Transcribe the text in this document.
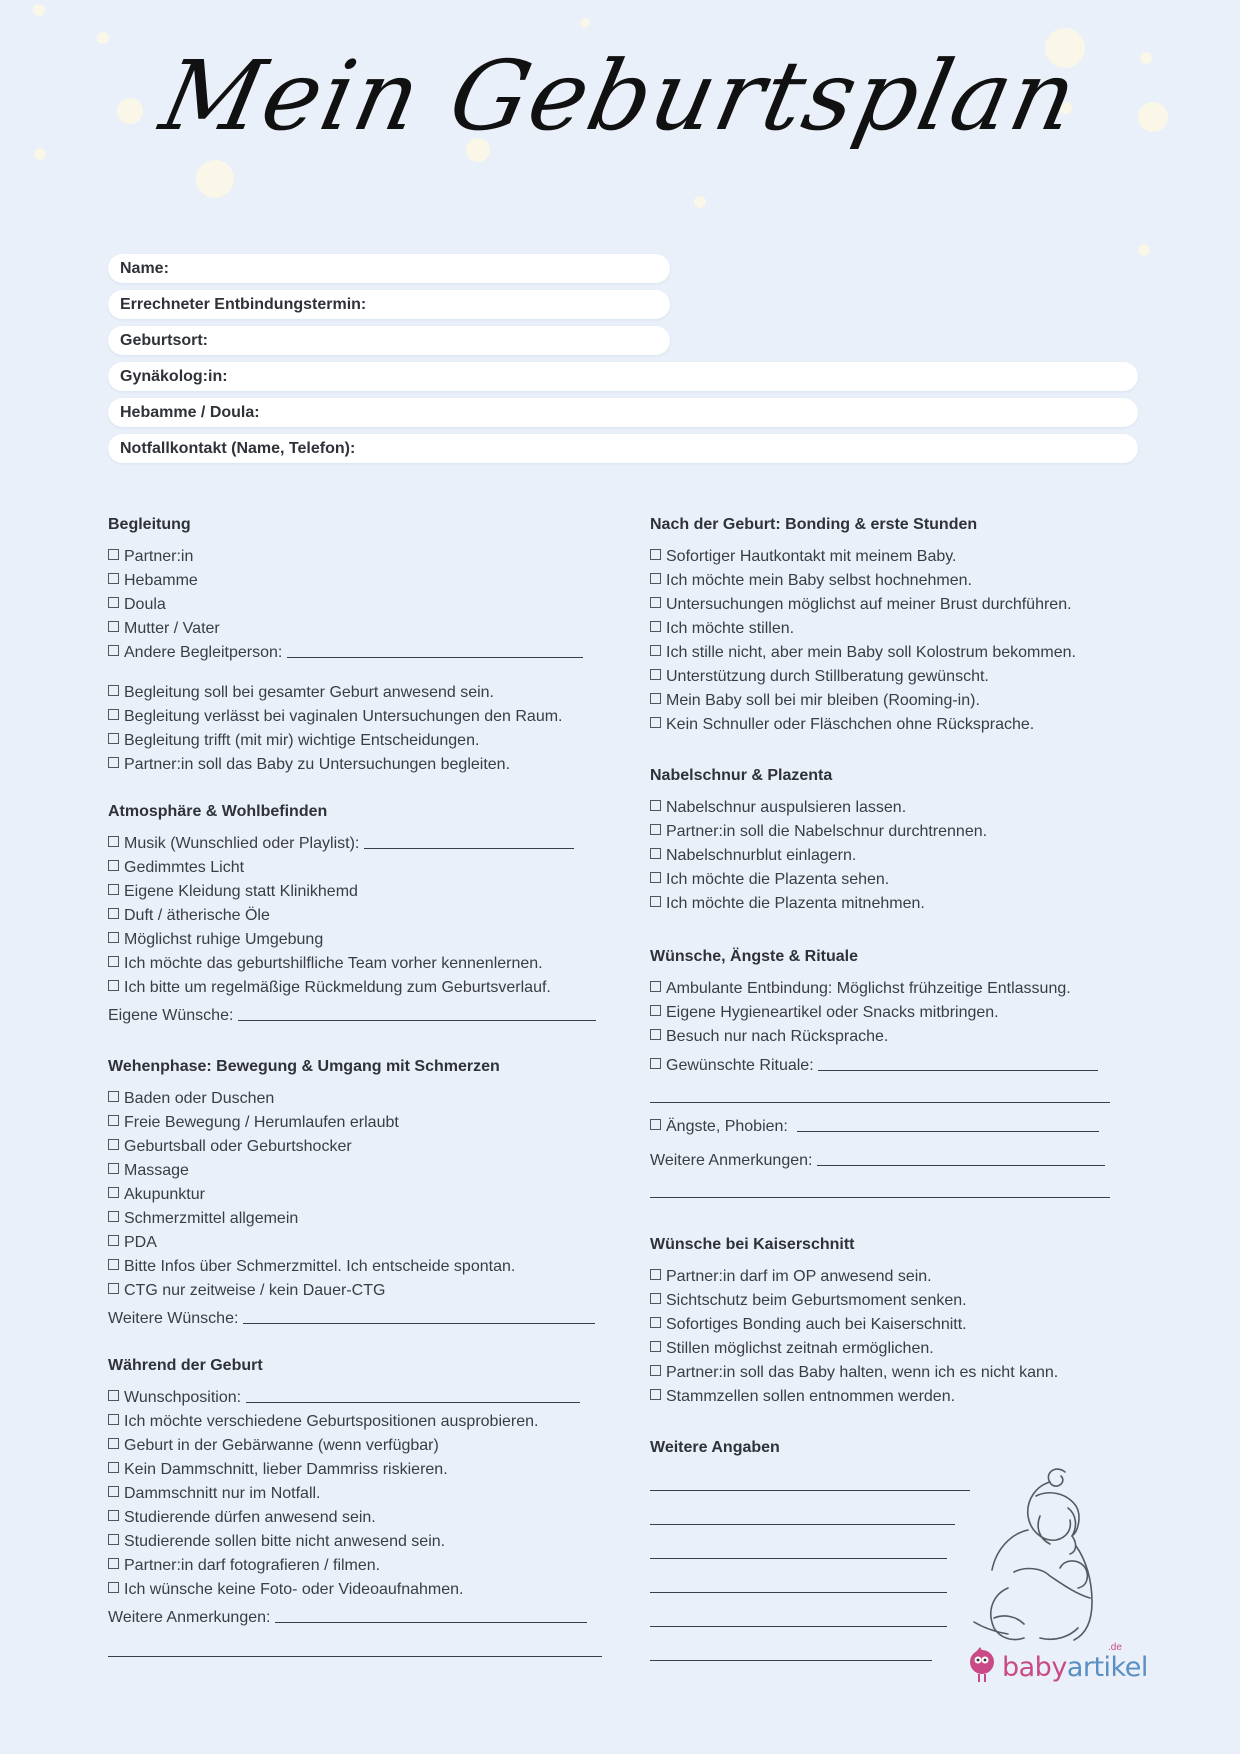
Mein Geburtsplan
Name:
Errechneter Entbindungstermin:
Geburtsort:
Gynäkolog:in:
Hebamme / Doula:
Notfallkontakt (Name, Telefon):
Begleitung
Partner:in
Hebamme
Doula
Mutter / Vater
Andere Begleitperson:
Begleitung soll bei gesamter Geburt anwesend sein.
Begleitung verlässt bei vaginalen Untersuchungen den Raum.
Begleitung trifft (mit mir) wichtige Entscheidungen.
Partner:in soll das Baby zu Untersuchungen begleiten.
Atmosphäre & Wohlbefinden
Musik (Wunschlied oder Playlist):
Gedimmtes Licht
Eigene Kleidung statt Klinikhemd
Duft / ätherische Öle
Möglichst ruhige Umgebung
Ich möchte das geburtshilfliche Team vorher kennenlernen.
Ich bitte um regelmäßige Rückmeldung zum Geburtsverlauf.
Eigene Wünsche:
Wehenphase: Bewegung & Umgang mit Schmerzen
Baden oder Duschen
Freie Bewegung / Herumlaufen erlaubt
Geburtsball oder Geburtshocker
Massage
Akupunktur
Schmerzmittel allgemein
PDA
Bitte Infos über Schmerzmittel. Ich entscheide spontan.
CTG nur zeitweise / kein Dauer-CTG
Weitere Wünsche:
Während der Geburt
Wunschposition:
Ich möchte verschiedene Geburtspositionen ausprobieren.
Geburt in der Gebärwanne (wenn verfügbar)
Kein Dammschnitt, lieber Dammriss riskieren.
Dammschnitt nur im Notfall.
Studierende dürfen anwesend sein.
Studierende sollen bitte nicht anwesend sein.
Partner:in darf fotografieren / filmen.
Ich wünsche keine Foto- oder Videoaufnahmen.
Weitere Anmerkungen:
Nach der Geburt: Bonding & erste Stunden
Sofortiger Hautkontakt mit meinem Baby.
Ich möchte mein Baby selbst hochnehmen.
Untersuchungen möglichst auf meiner Brust durchführen.
Ich möchte stillen.
Ich stille nicht, aber mein Baby soll Kolostrum bekommen.
Unterstützung durch Stillberatung gewünscht.
Mein Baby soll bei mir bleiben (Rooming-in).
Kein Schnuller oder Fläschchen ohne Rücksprache.
Nabelschnur & Plazenta
Nabelschnur auspulsieren lassen.
Partner:in soll die Nabelschnur durchtrennen.
Nabelschnurblut einlagern.
Ich möchte die Plazenta sehen.
Ich möchte die Plazenta mitnehmen.
Wünsche, Ängste & Rituale
Ambulante Entbindung: Möglichst frühzeitige Entlassung.
Eigene Hygieneartikel oder Snacks mitbringen.
Besuch nur nach Rücksprache.
Gewünschte Rituale:
Ängste, Phobien:
Weitere Anmerkungen:
Wünsche bei Kaiserschnitt
Partner:in darf im OP anwesend sein.
Sichtschutz beim Geburtsmoment senken.
Sofortiges Bonding auch bei Kaiserschnitt.
Stillen möglichst zeitnah ermöglichen.
Partner:in soll das Baby halten, wenn ich es nicht kann.
Stammzellen sollen entnommen werden.
Weitere Angaben
babyartikel
.de
